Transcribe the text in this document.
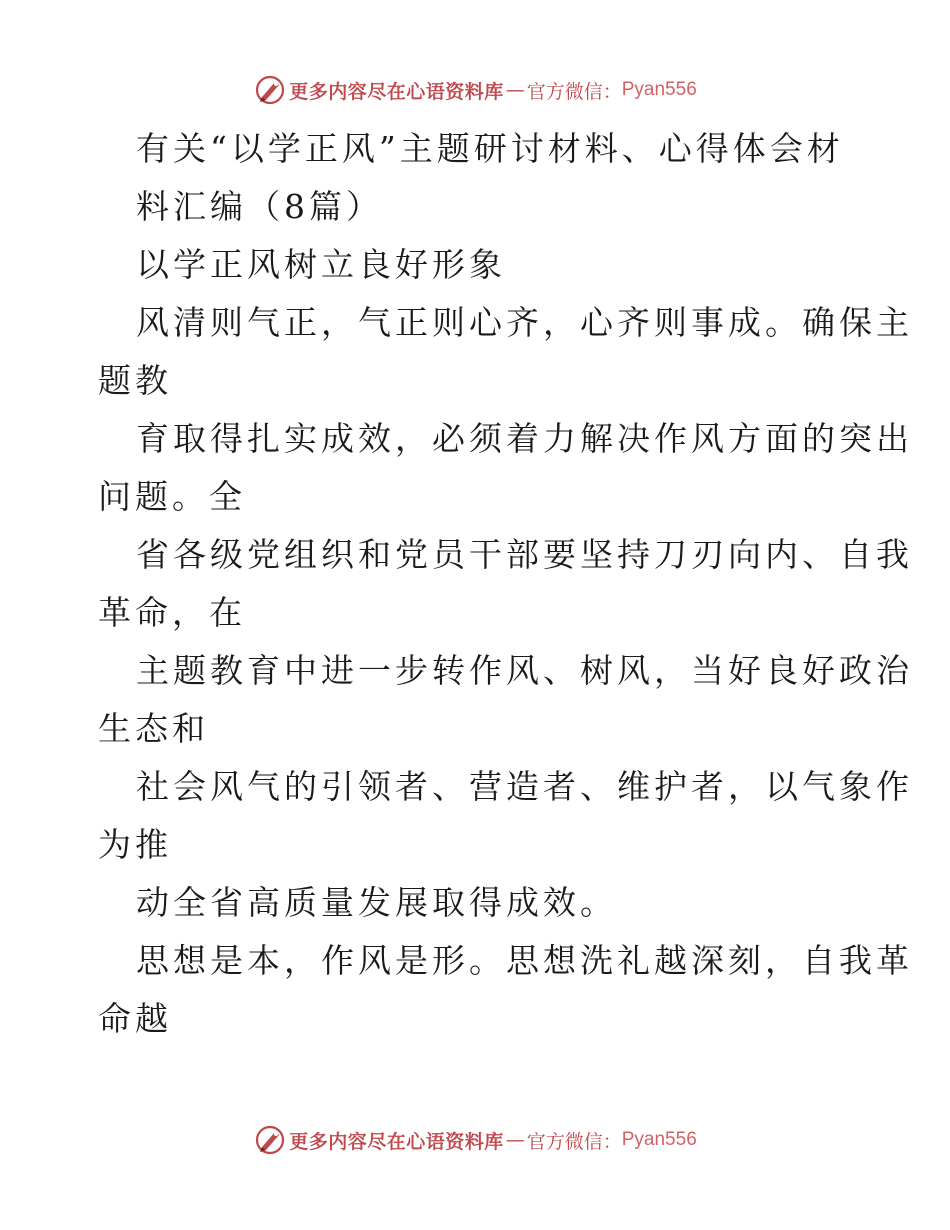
更多内容尽在心语资料库 — 官方微信： Pyan556
有关“以学正风”主题研讨材料、心得体会材
料汇编（8篇）
以学正风树立良好形象
风清则气正，气正则心齐，心齐则事成。确保主
题教
育取得扎实成效，必须着力解决作风方面的突出
问题。全
省各级党组织和党员干部要坚持刀刃向内、自我
革命，在
主题教育中进一步转作风、树风，当好良好政治
生态和
社会风气的引领者、营造者、维护者，以气象作
为推
动全省高质量发展取得成效。
思想是本，作风是形。思想洗礼越深刻，自我革
命越
更多内容尽在心语资料库 — 官方微信： Pyan556
